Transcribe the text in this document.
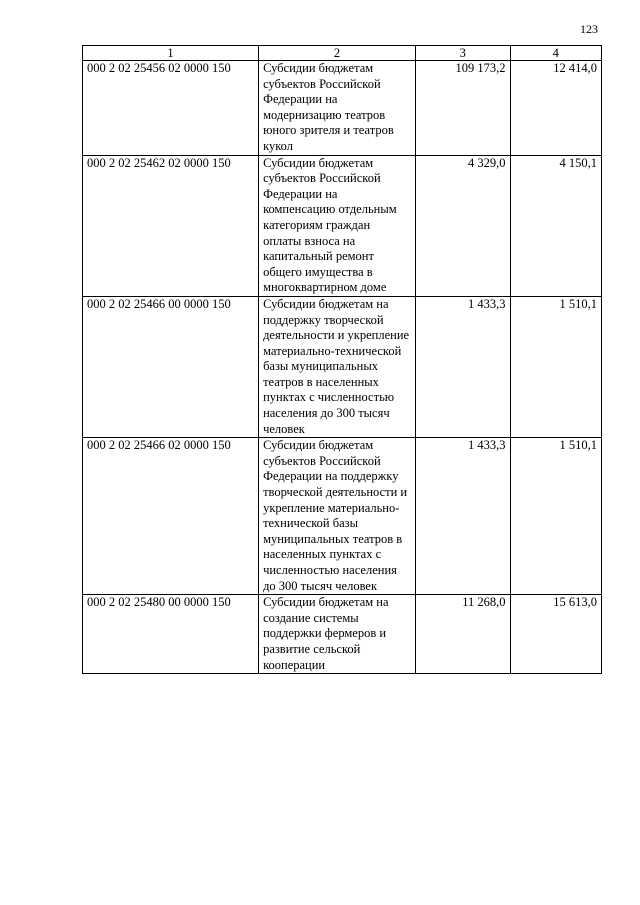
123
1	2	3	4
000 2 02 25456 02 0000 150	Субсидии бюджетам субъектов Российской Федерации на модернизацию театров юного зрителя и театров кукол	109 173,2	12 414,0
000 2 02 25462 02 0000 150	Субсидии бюджетам субъектов Российской Федерации на компенсацию отдельным категориям граждан оплаты взноса на капитальный ремонт общего имущества в многоквартирном доме	4 329,0	4 150,1
000 2 02 25466 00 0000 150	Субсидии бюджетам на поддержку творческой деятельности и укрепление материально-технической базы муниципальных театров в населенных пунктах с численностью населения до 300 тысяч человек	1 433,3	1 510,1
000 2 02 25466 02 0000 150	Субсидии бюджетам субъектов Российской Федерации на поддержку творческой деятельности и укрепление материально-технической базы муниципальных театров в населенных пунктах с численностью населения до 300 тысяч человек	1 433,3	1 510,1
000 2 02 25480 00 0000 150	Субсидии бюджетам на создание системы поддержки фермеров и развитие сельской кооперации	11 268,0	15 613,0
